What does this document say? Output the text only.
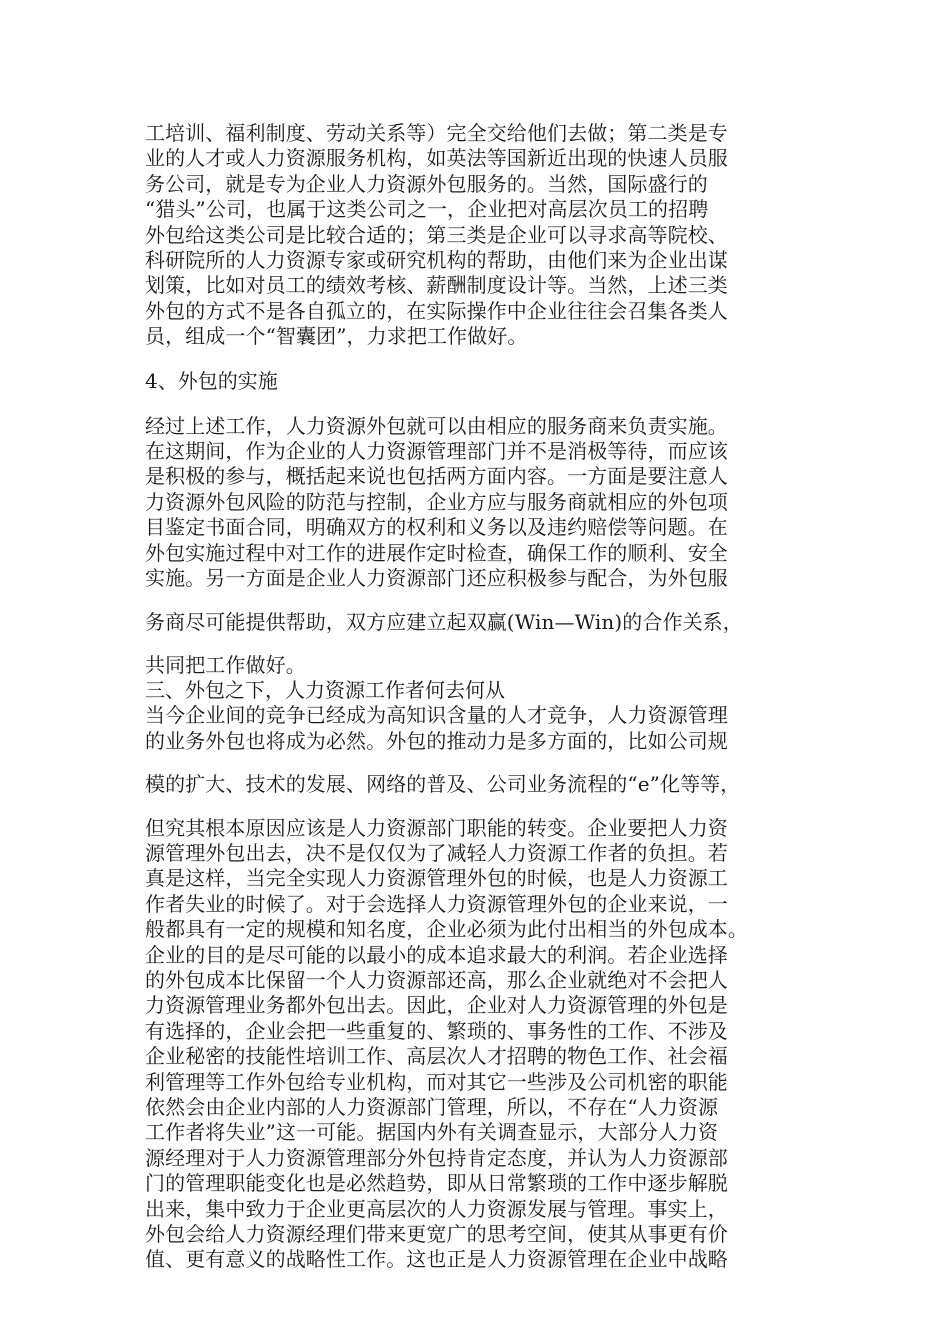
工培训、福利制度、劳动关系等）完全交给他们去做；第二类是专
业的人才或人力资源服务机构，如英法等国新近出现的快速人员服
务公司，就是专为企业人力资源外包服务的。当然，国际盛行的
“猎头”公司，也属于这类公司之一，企业把对高层次员工的招聘
外包给这类公司是比较合适的；第三类是企业可以寻求高等院校、
科研院所的人力资源专家或研究机构的帮助，由他们来为企业出谋
划策，比如对员工的绩效考核、薪酬制度设计等。当然，上述三类
外包的方式不是各自孤立的，在实际操作中企业往往会召集各类人
员，组成一个“智囊团”，力求把工作做好。
4、外包的实施
经过上述工作，人力资源外包就可以由相应的服务商来负责实施。
在这期间，作为企业的人力资源管理部门并不是消极等待，而应该
是积极的参与，概括起来说也包括两方面内容。一方面是要注意人
力资源外包风险的防范与控制，企业方应与服务商就相应的外包项
目鉴定书面合同，明确双方的权利和义务以及违约赔偿等问题。在
外包实施过程中对工作的进展作定时检查，确保工作的顺利、安全
实施。另一方面是企业人力资源部门还应积极参与配合，为外包服
务商尽可能提供帮助，双方应建立起双赢(Win—Win)的合作关系，
共同把工作做好。
三、外包之下，人力资源工作者何去何从
当今企业间的竞争已经成为高知识含量的人才竞争，人力资源管理
的业务外包也将成为必然。外包的推动力是多方面的，比如公司规
模的扩大、技术的发展、网络的普及、公司业务流程的“e”化等等，
但究其根本原因应该是人力资源部门职能的转变。企业要把人力资
源管理外包出去，决不是仅仅为了减轻人力资源工作者的负担。若
真是这样，当完全实现人力资源管理外包的时候，也是人力资源工
作者失业的时候了。对于会选择人力资源管理外包的企业来说，一
般都具有一定的规模和知名度，企业必须为此付出相当的外包成本。
企业的目的是尽可能的以最小的成本追求最大的利润。若企业选择
的外包成本比保留一个人力资源部还高，那么企业就绝对不会把人
力资源管理业务都外包出去。因此，企业对人力资源管理的外包是
有选择的，企业会把一些重复的、繁琐的、事务性的工作、不涉及
企业秘密的技能性培训工作、高层次人才招聘的物色工作、社会福
利管理等工作外包给专业机构，而对其它一些涉及公司机密的职能
依然会由企业内部的人力资源部门管理，所以，不存在“人力资源
工作者将失业”这一可能。据国内外有关调查显示，大部分人力资
源经理对于人力资源管理部分外包持肯定态度，并认为人力资源部
门的管理职能变化也是必然趋势，即从日常繁琐的工作中逐步解脱
出来，集中致力于企业更高层次的人力资源发展与管理。事实上，
外包会给人力资源经理们带来更宽广的思考空间，使其从事更有价
值、更有意义的战略性工作。这也正是人力资源管理在企业中战略
